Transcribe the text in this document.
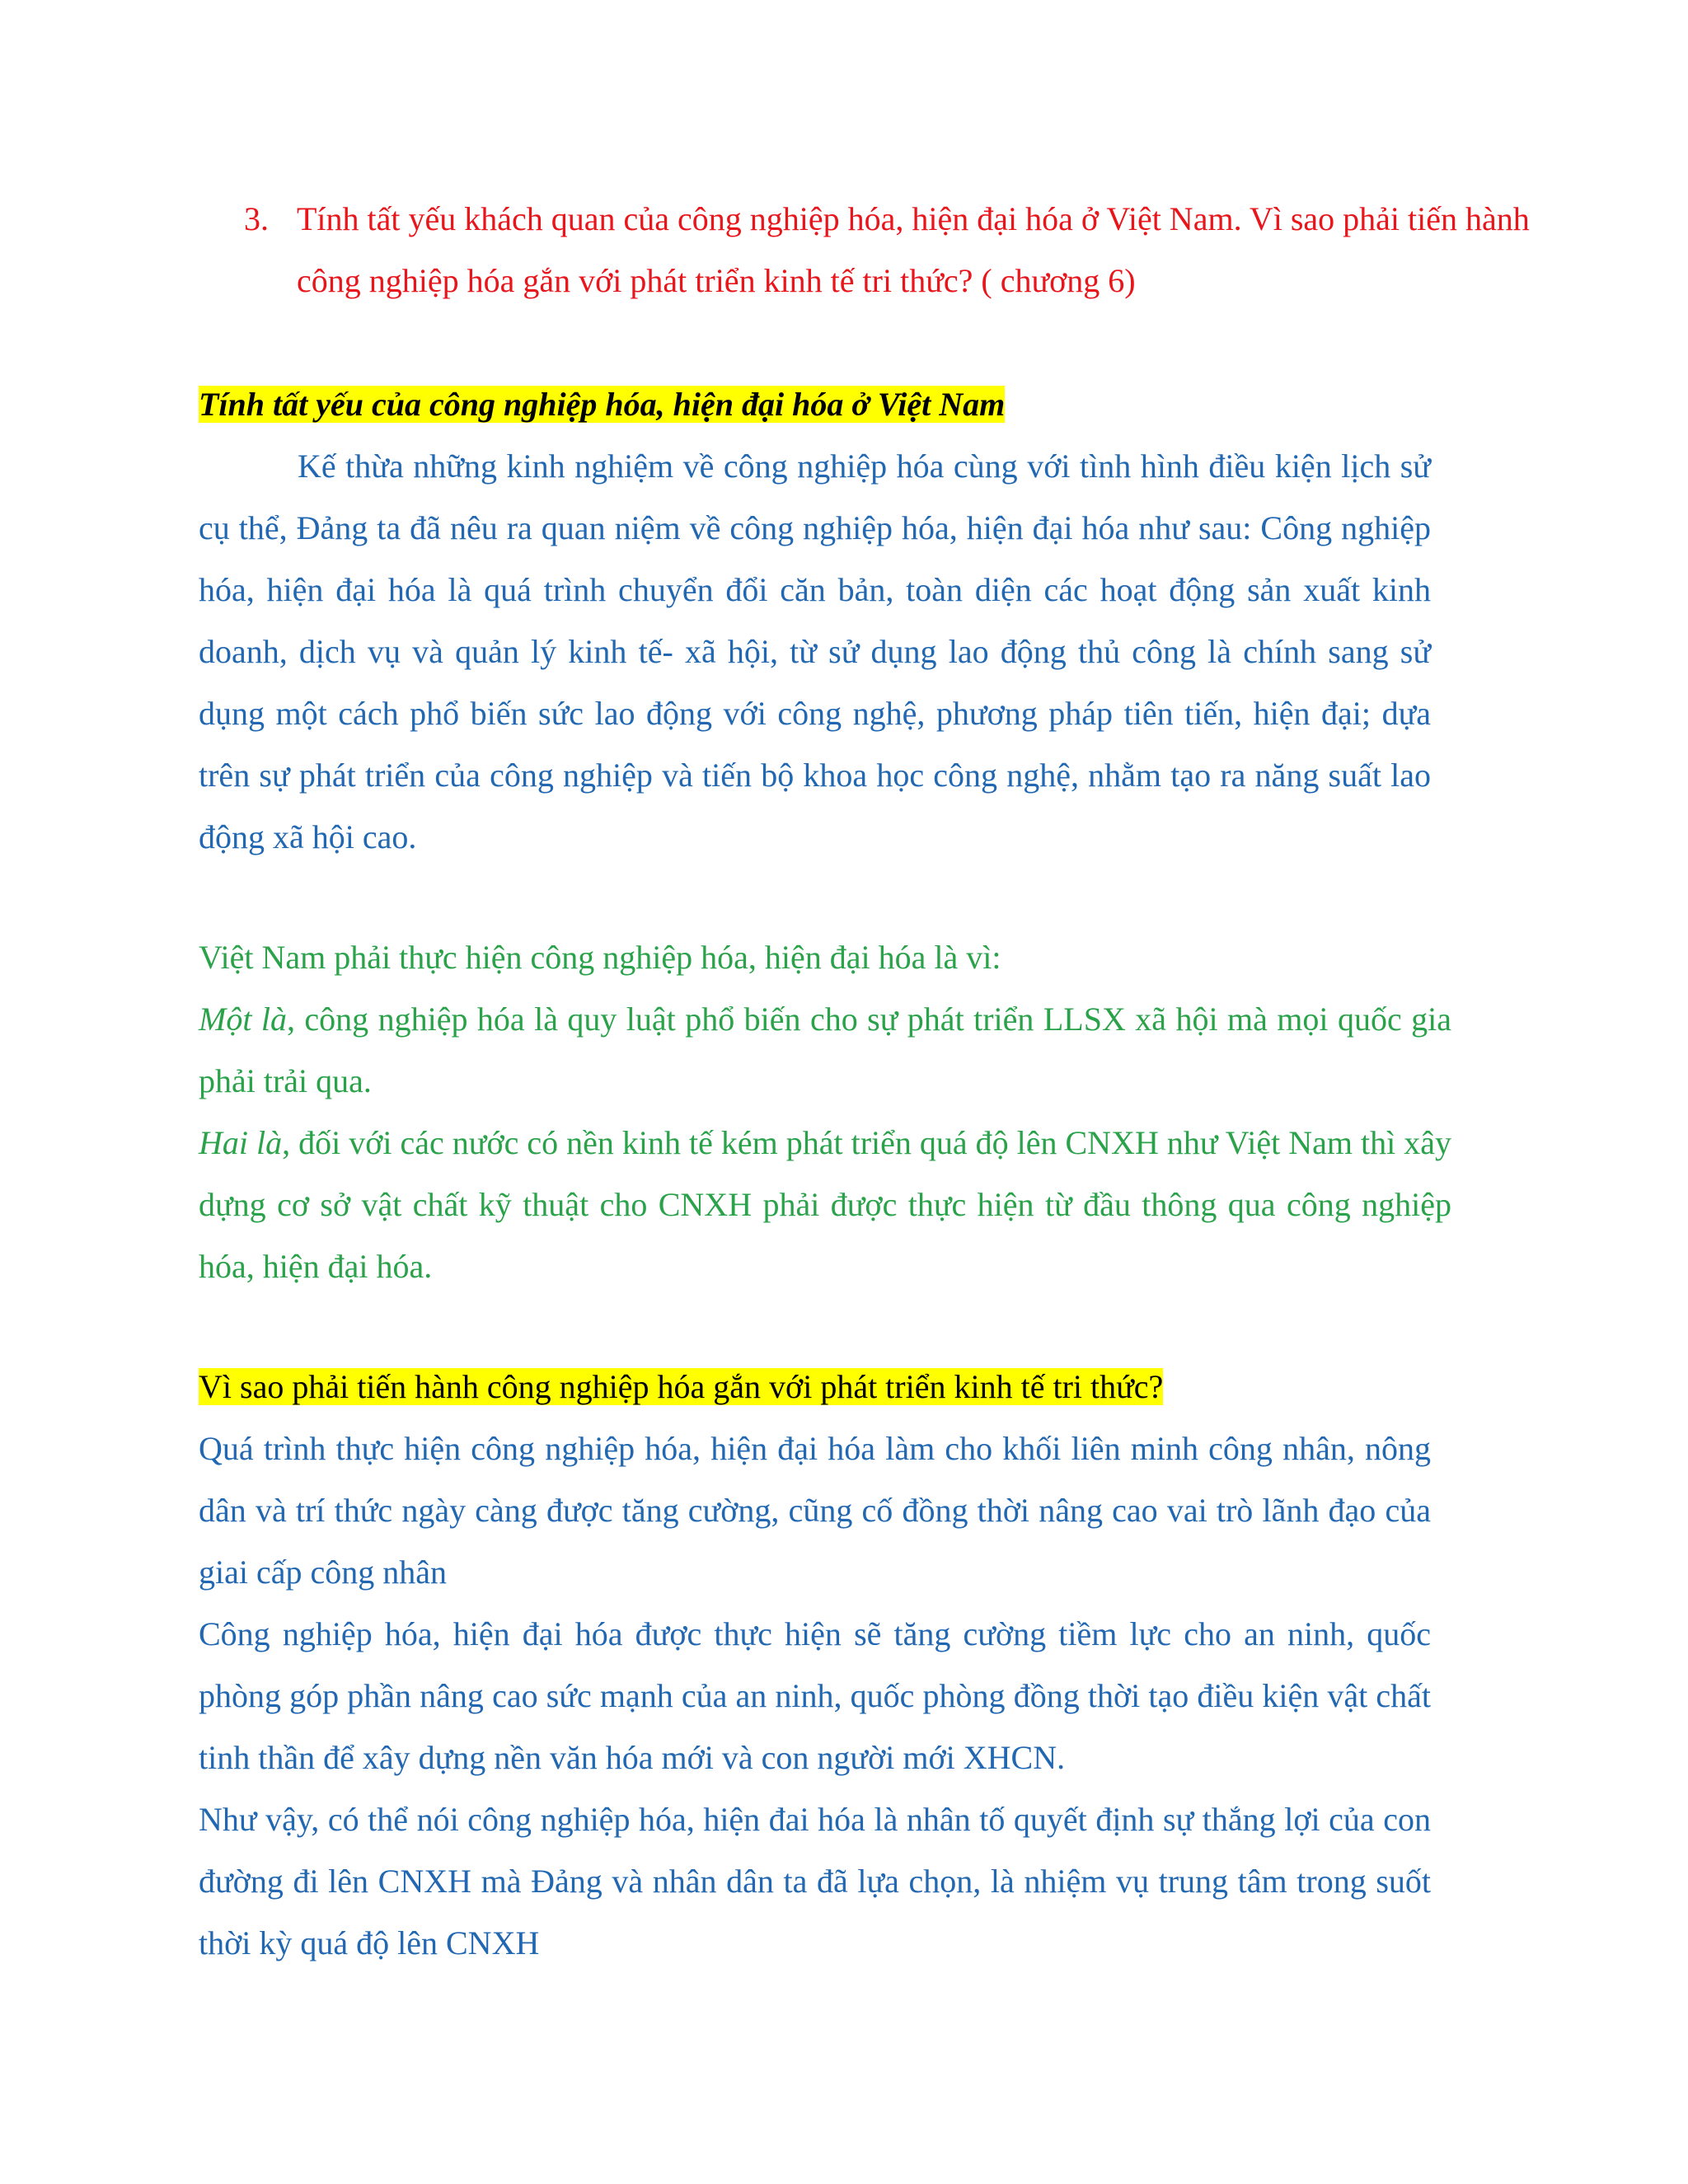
3. Tính tất yếu khách quan của công nghiệp hóa, hiện đại hóa ở Việt Nam. Vì sao phải tiến hành công nghiệp hóa gắn với phát triển kinh tế tri thức? ( chương 6)
Tính tất yếu của công nghiệp hóa, hiện đại hóa ở Việt Nam
Kế thừa những kinh nghiệm về công nghiệp hóa cùng với tình hình điều kiện lịch sử cụ thể, Đảng ta đã nêu ra quan niệm về công nghiệp hóa, hiện đại hóa như sau: Công nghiệp hóa, hiện đại hóa là quá trình chuyển đổi căn bản, toàn diện các hoạt động sản xuất kinh doanh, dịch vụ và quản lý kinh tế- xã hội, từ sử dụng lao động thủ công là chính sang sử dụng một cách phổ biến sức lao động với công nghệ, phương pháp tiên tiến, hiện đại; dựa trên sự phát triển của công nghiệp và tiến bộ khoa học công nghệ, nhằm tạo ra năng suất lao động xã hội cao.
Việt Nam phải thực hiện công nghiệp hóa, hiện đại hóa là vì:
Một là, công nghiệp hóa là quy luật phổ biến cho sự phát triển LLSX xã hội mà mọi quốc gia phải trải qua.
Hai là, đối với các nước có nền kinh tế kém phát triển quá độ lên CNXH như Việt Nam thì xây dựng cơ sở vật chất kỹ thuật cho CNXH phải được thực hiện từ đầu thông qua công nghiệp hóa, hiện đại hóa.
Vì sao phải tiến hành công nghiệp hóa gắn với phát triển kinh tế tri thức?
Quá trình thực hiện công nghiệp hóa, hiện đại hóa làm cho khối liên minh công nhân, nông dân và trí thức ngày càng được tăng cường, cũng cố đồng thời nâng cao vai trò lãnh đạo của giai cấp công nhân
Công nghiệp hóa, hiện đại hóa được thực hiện sẽ tăng cường tiềm lực cho an ninh, quốc phòng góp phần nâng cao sức mạnh của an ninh, quốc phòng đồng thời tạo điều kiện vật chất tinh thần để xây dựng nền văn hóa mới và con người mới XHCN.
Như vậy, có thể nói công nghiệp hóa, hiện đai hóa là nhân tố quyết định sự thắng lợi của con đường đi lên CNXH mà Đảng và nhân dân ta đã lựa chọn, là nhiệm vụ trung tâm trong suốt thời kỳ quá độ lên CNXH
